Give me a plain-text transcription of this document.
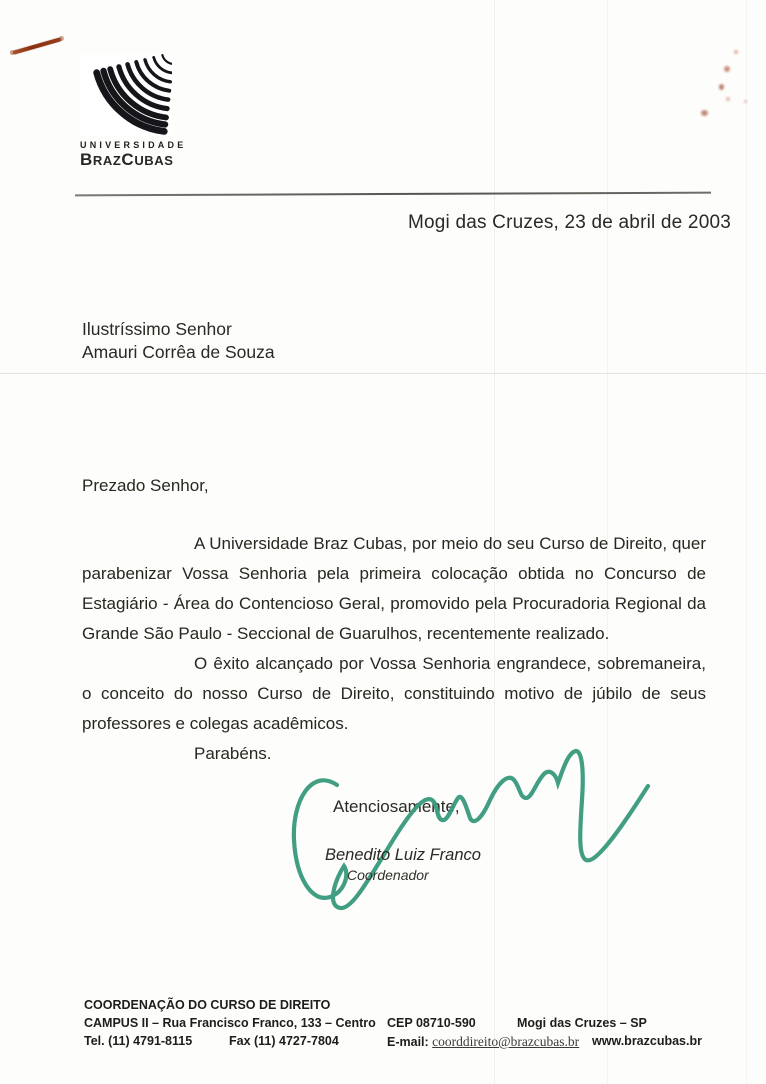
UNIVERSIDADE
BRAZCUBAS
Mogi das Cruzes, 23 de abril de 2003
Ilustríssimo Senhor
Amauri Corrêa de Souza

Prezado Senhor,

A Universidade Braz Cubas, por meio do seu Curso de Direito, quer parabenizar Vossa Senhoria pela primeira colocação obtida no Concurso de Estagiário - Área do Contencioso Geral, promovido pela Procuradoria Regional da Grande São Paulo - Seccional de Guarulhos, recentemente realizado.

O êxito alcançado por Vossa Senhoria engrandece, sobremaneira, o conceito do nosso Curso de Direito, constituindo motivo de júbilo de seus professores e colegas acadêmicos.

Parabéns.

Atenciosamente,
Benedito Luiz Franco
Coordenador
COORDENAÇÃO DO CURSO DE DIREITO
CAMPUS II – Rua Francisco Franco, 133 – Centro CEP 08710-590	Mogi das Cruzes – SP
Tel. (11) 4791-8115	Fax (11) 4727-7804	E-mail: coorddireito@brazcubas.br www.brazcubas.br
